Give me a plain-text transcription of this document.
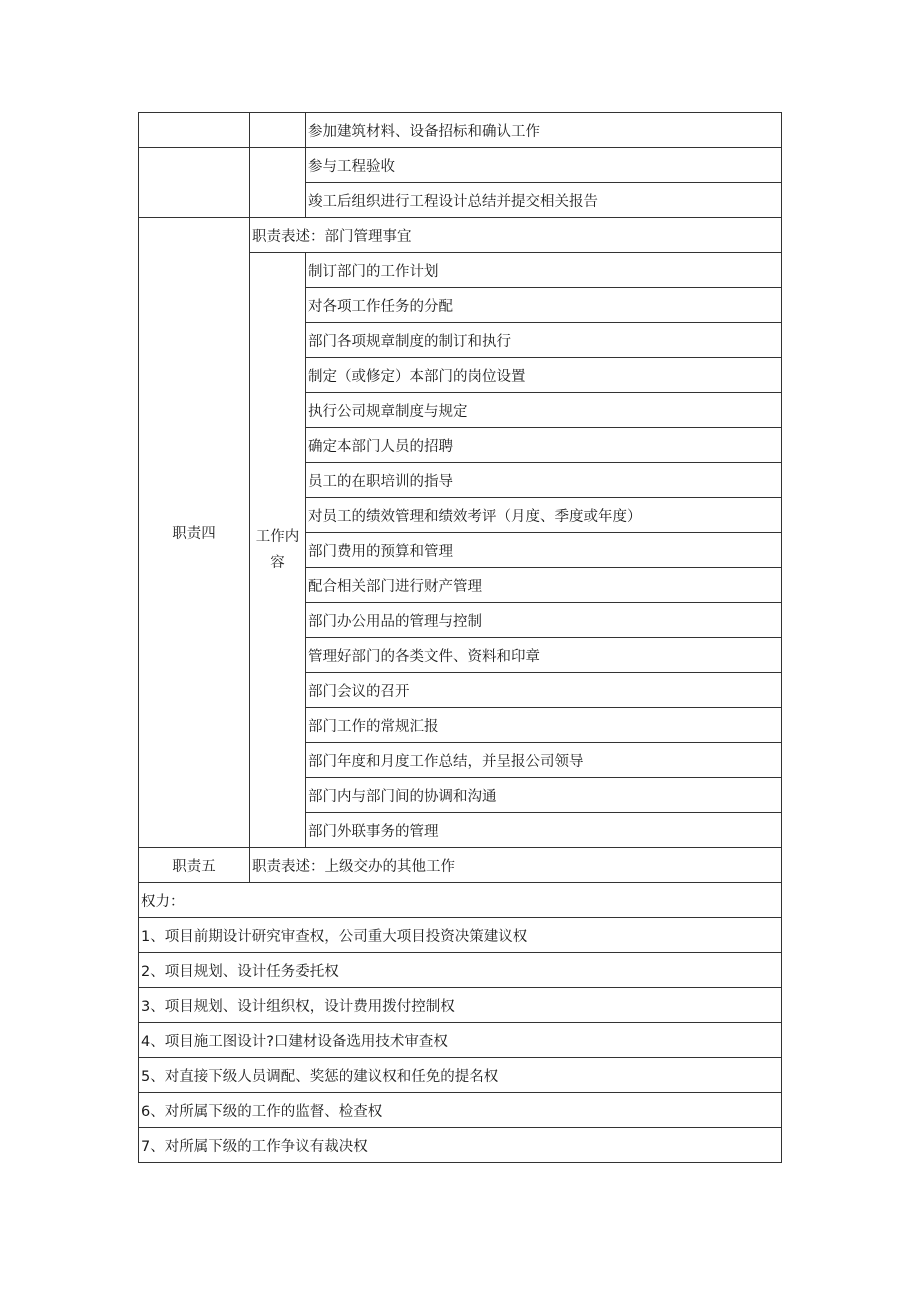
		参加建筑材料、设备招标和确认工作
		参与工程验收
		竣工后组织进行工程设计总结并提交相关报告
职责四	职责表述：部门管理事宜	
	工作内容	制订部门的工作计划
		对各项工作任务的分配
		部门各项规章制度的制订和执行
		制定（或修定）本部门的岗位设置
		执行公司规章制度与规定
		确定本部门人员的招聘
		员工的在职培训的指导
		对员工的绩效管理和绩效考评（月度、季度或年度）
		部门费用的预算和管理
		配合相关部门进行财产管理
		部门办公用品的管理与控制
		管理好部门的各类文件、资料和印章
		部门会议的召开
		部门工作的常规汇报
		部门年度和月度工作总结，并呈报公司领导
		部门内与部门间的协调和沟通
		部门外联事务的管理
职责五	职责表述：上级交办的其他工作	
权力：		
1、项目前期设计研究审查权，公司重大项目投资决策建议权		
2、项目规划、设计任务委托权		
3、项目规划、设计组织权，设计费用拨付控制权		
4、项目施工图设计?口建材设备选用技术审查权		
5、对直接下级人员调配、奖惩的建议权和任免的提名权		
6、对所属下级的工作的监督、检查权		
7、对所属下级的工作争议有裁决权		
